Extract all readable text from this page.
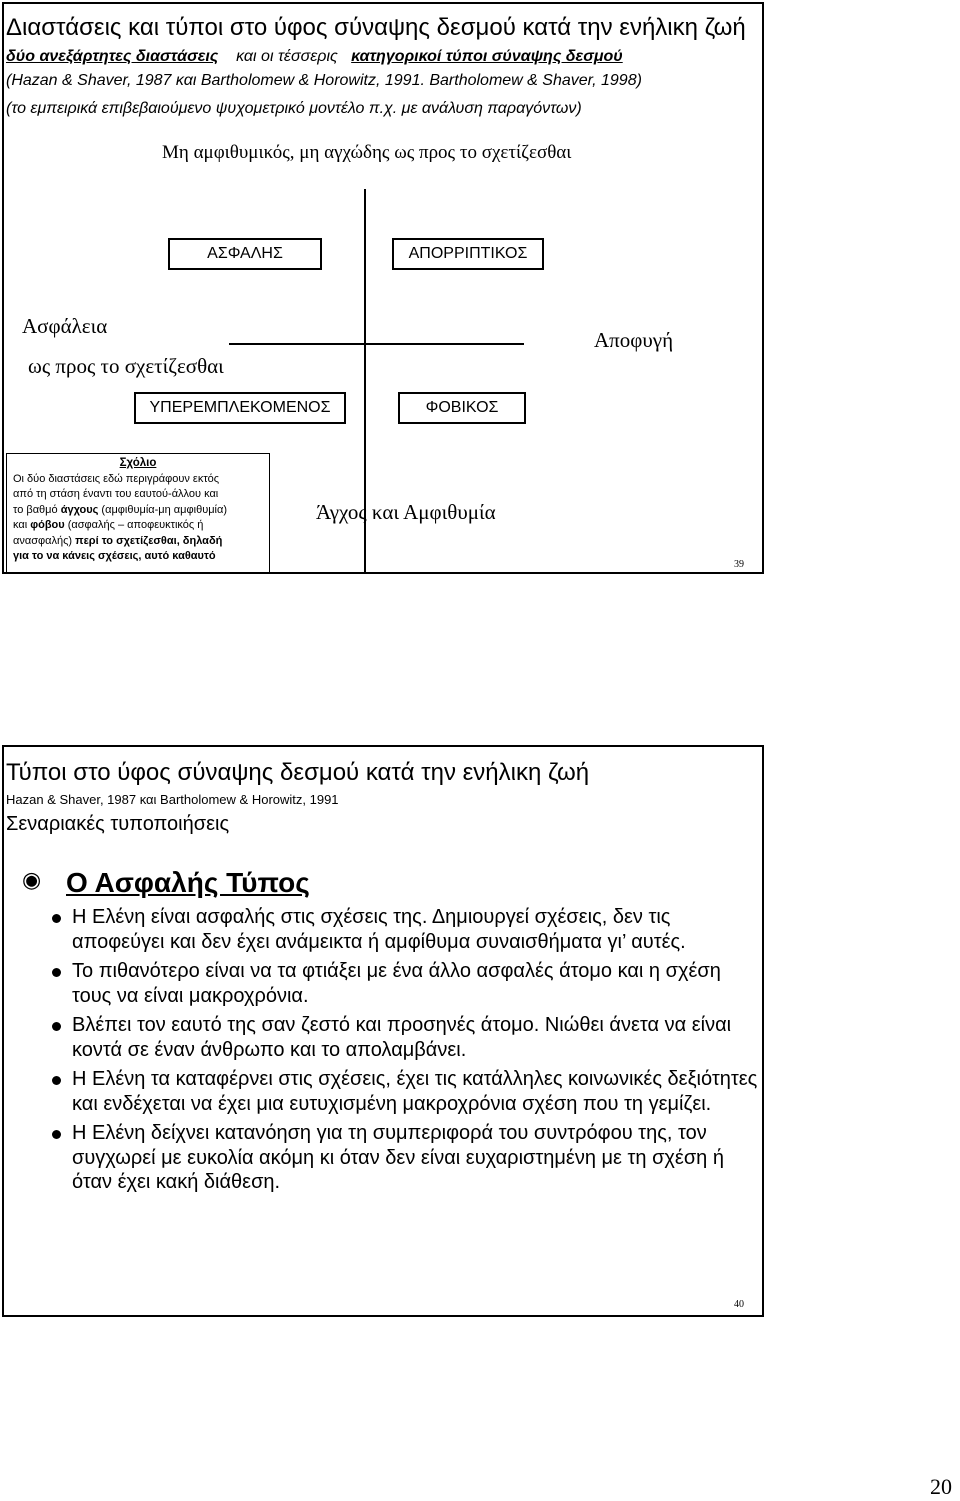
Διαστάσεις και τύποι στο ύφος σύναψης δεσμού κατά την ενήλικη ζωή
δύο ανεξάρτητες διαστάσεις και οι τέσσερις κατηγορικοί τύποι σύναψης δεσμού
(Hazan & Shaver, 1987 και Bartholomew & Horowitz, 1991. Bartholomew & Shaver, 1998)
(το εμπειρικά επιβεβαιούμενο ψυχομετρικό μοντέλο π.χ. με ανάλυση παραγόντων)
Μη αμφιθυμικός, μη αγχώδης ως προς το σχετίζεσθαι
ΑΣΦΑΛΗΣ	ΑΠΟΡΡΙΠΤΙΚΟΣ
ΥΠΕΡΕΜΠΛΕΚΟΜΕΝΟΣ	ΦΟΒΙΚΟΣ
Ασφάλεια
ως προς το σχετίζεσθαι
Αποφυγή
Άγχος και Αμφιθυμία
Σχόλιο
Οι δύο διαστάσεις εδώ περιγράφουν εκτός
από τη στάση έναντι του εαυτού-άλλου και
το βαθμό άγχους (αμφιθυμία-μη αμφιθυμία)
και φόβου (ασφαλής – αποφευκτικός ή
ανασφαλής) περί το σχετίζεσθαι, δηλαδή
για το να κάνεις σχέσεις, αυτό καθαυτό
39
Τύποι στο ύφος σύναψης δεσμού κατά την ενήλικη ζωή
Hazan & Shaver, 1987 και Bartholomew & Horowitz, 1991
Σεναριακές τυποποιήσεις
◉ Ο Ασφαλής Τύπος
Η Ελένη είναι ασφαλής στις σχέσεις της. Δημιουργεί σχέσεις, δεν τις αποφεύγει και δεν έχει ανάμεικτα ή αμφίθυμα συναισθήματα γι’ αυτές.
Το πιθανότερο είναι να τα φτιάξει με ένα άλλο ασφαλές άτομο και η σχέση τους να είναι μακροχρόνια.
Βλέπει τον εαυτό της σαν ζεστό και προσηνές άτομο. Νιώθει άνετα να είναι κοντά σε έναν άνθρωπο και το απολαμβάνει.
Η Ελένη τα καταφέρνει στις σχέσεις, έχει τις κατάλληλες κοινωνικές δεξιότητες και ενδέχεται να έχει μια ευτυχισμένη μακροχρόνια σχέση που τη γεμίζει.
Η Ελένη δείχνει κατανόηση για τη συμπεριφορά του συντρόφου της, τον συγχωρεί με ευκολία ακόμη κι όταν δεν είναι ευχαριστημένη με τη σχέση ή όταν έχει κακή διάθεση.
40
20
